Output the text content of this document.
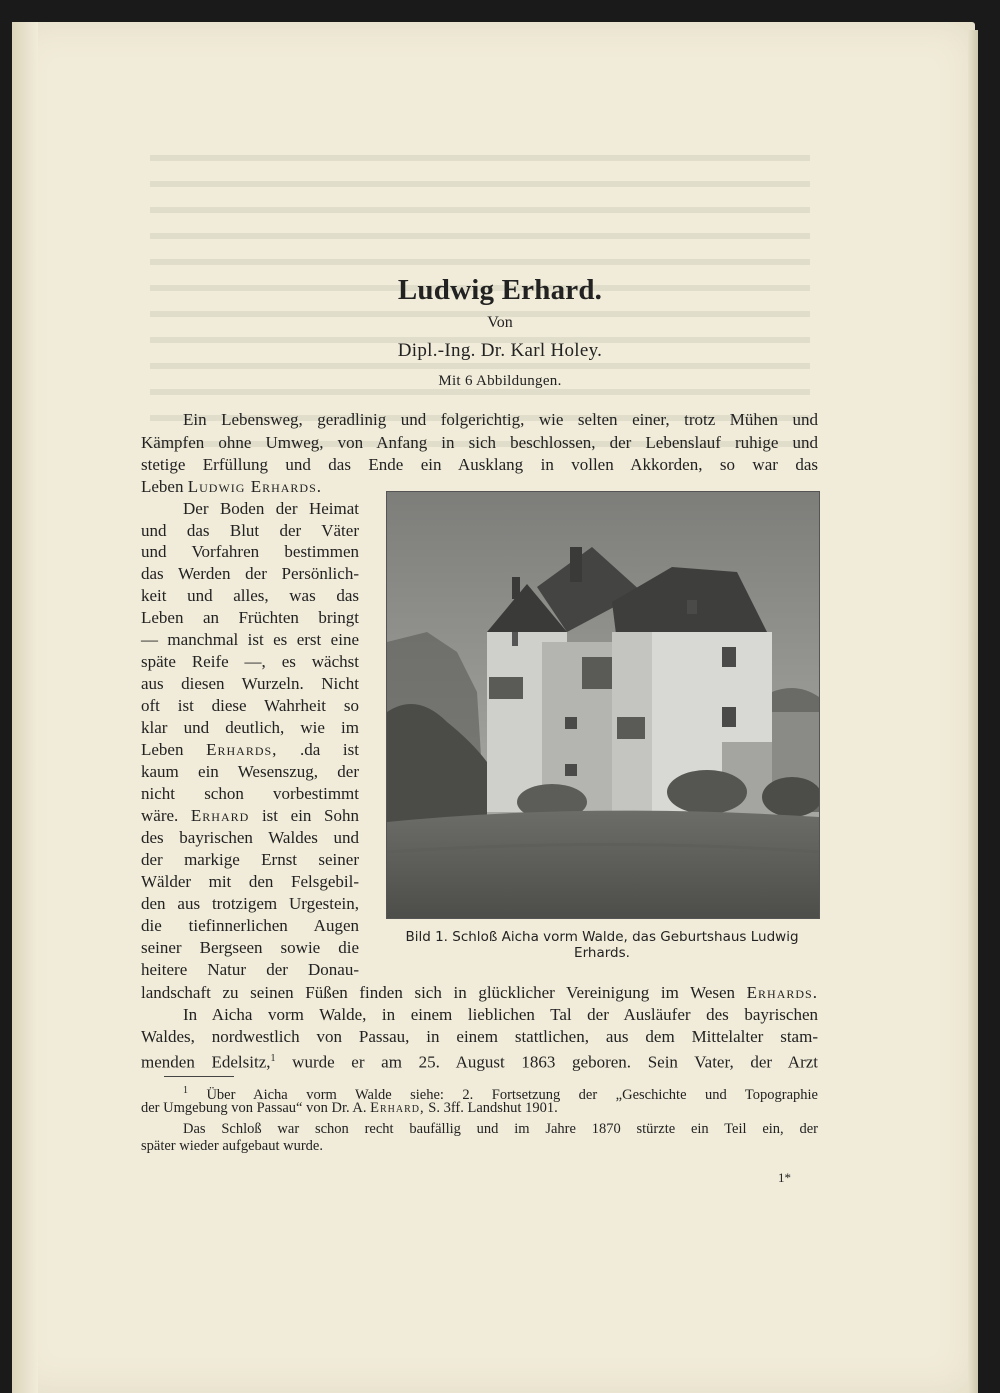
Ludwig Erhard.
Von
Dipl.-Ing. Dr. Karl Holey.
Mit 6 Abbildungen.
Ein Lebensweg, geradlinig und folgerichtig, wie selten einer, trotz Mühen und
Kämpfen ohne Umweg, von Anfang in sich beschlossen, der Lebenslauf ruhige und
stetige Erfüllung und das Ende ein Ausklang in vollen Akkorden, so war das
Leben Ludwig Erhards.
Der Boden der Heimat
und das Blut der Väter
und Vorfahren bestimmen
das Werden der Persönlich-
keit und alles, was das
Leben an Früchten bringt
— manchmal ist es erst eine
späte Reife —, es wächst
aus diesen Wurzeln. Nicht
oft ist diese Wahrheit so
klar und deutlich, wie im
Leben Erhards, .da ist
kaum ein Wesenszug, der
nicht schon vorbestimmt
wäre. Erhard ist ein Sohn
des bayrischen Waldes und
der markige Ernst seiner
Wälder mit den Felsgebil-
den aus trotzigem Urgestein,
die tiefinnerlichen Augen
seiner Bergseen sowie die
heitere Natur der Donau-
Bild 1. Schloß Aicha vorm Walde, das Geburtshaus Ludwig Erhards.
landschaft zu seinen Füßen finden sich in glücklicher Vereinigung im Wesen Erhards.
In Aicha vorm Walde, in einem lieblichen Tal der Ausläufer des bayrischen
Waldes, nordwestlich von Passau, in einem stattlichen, aus dem Mittelalter stam-
menden Edelsitz,$^1$ wurde er am 25. August 1863 geboren. Sein Vater, der Arzt
$^1$ Über Aicha vorm Walde siehe: 2. Fortsetzung der „Geschichte und Topographie
der Umgebung von Passau“ von Dr. A. Erhard, S. 3ff. Landshut 1901.
Das Schloß war schon recht baufällig und im Jahre 1870 stürzte ein Teil ein, der
später wieder aufgebaut wurde.
1*
